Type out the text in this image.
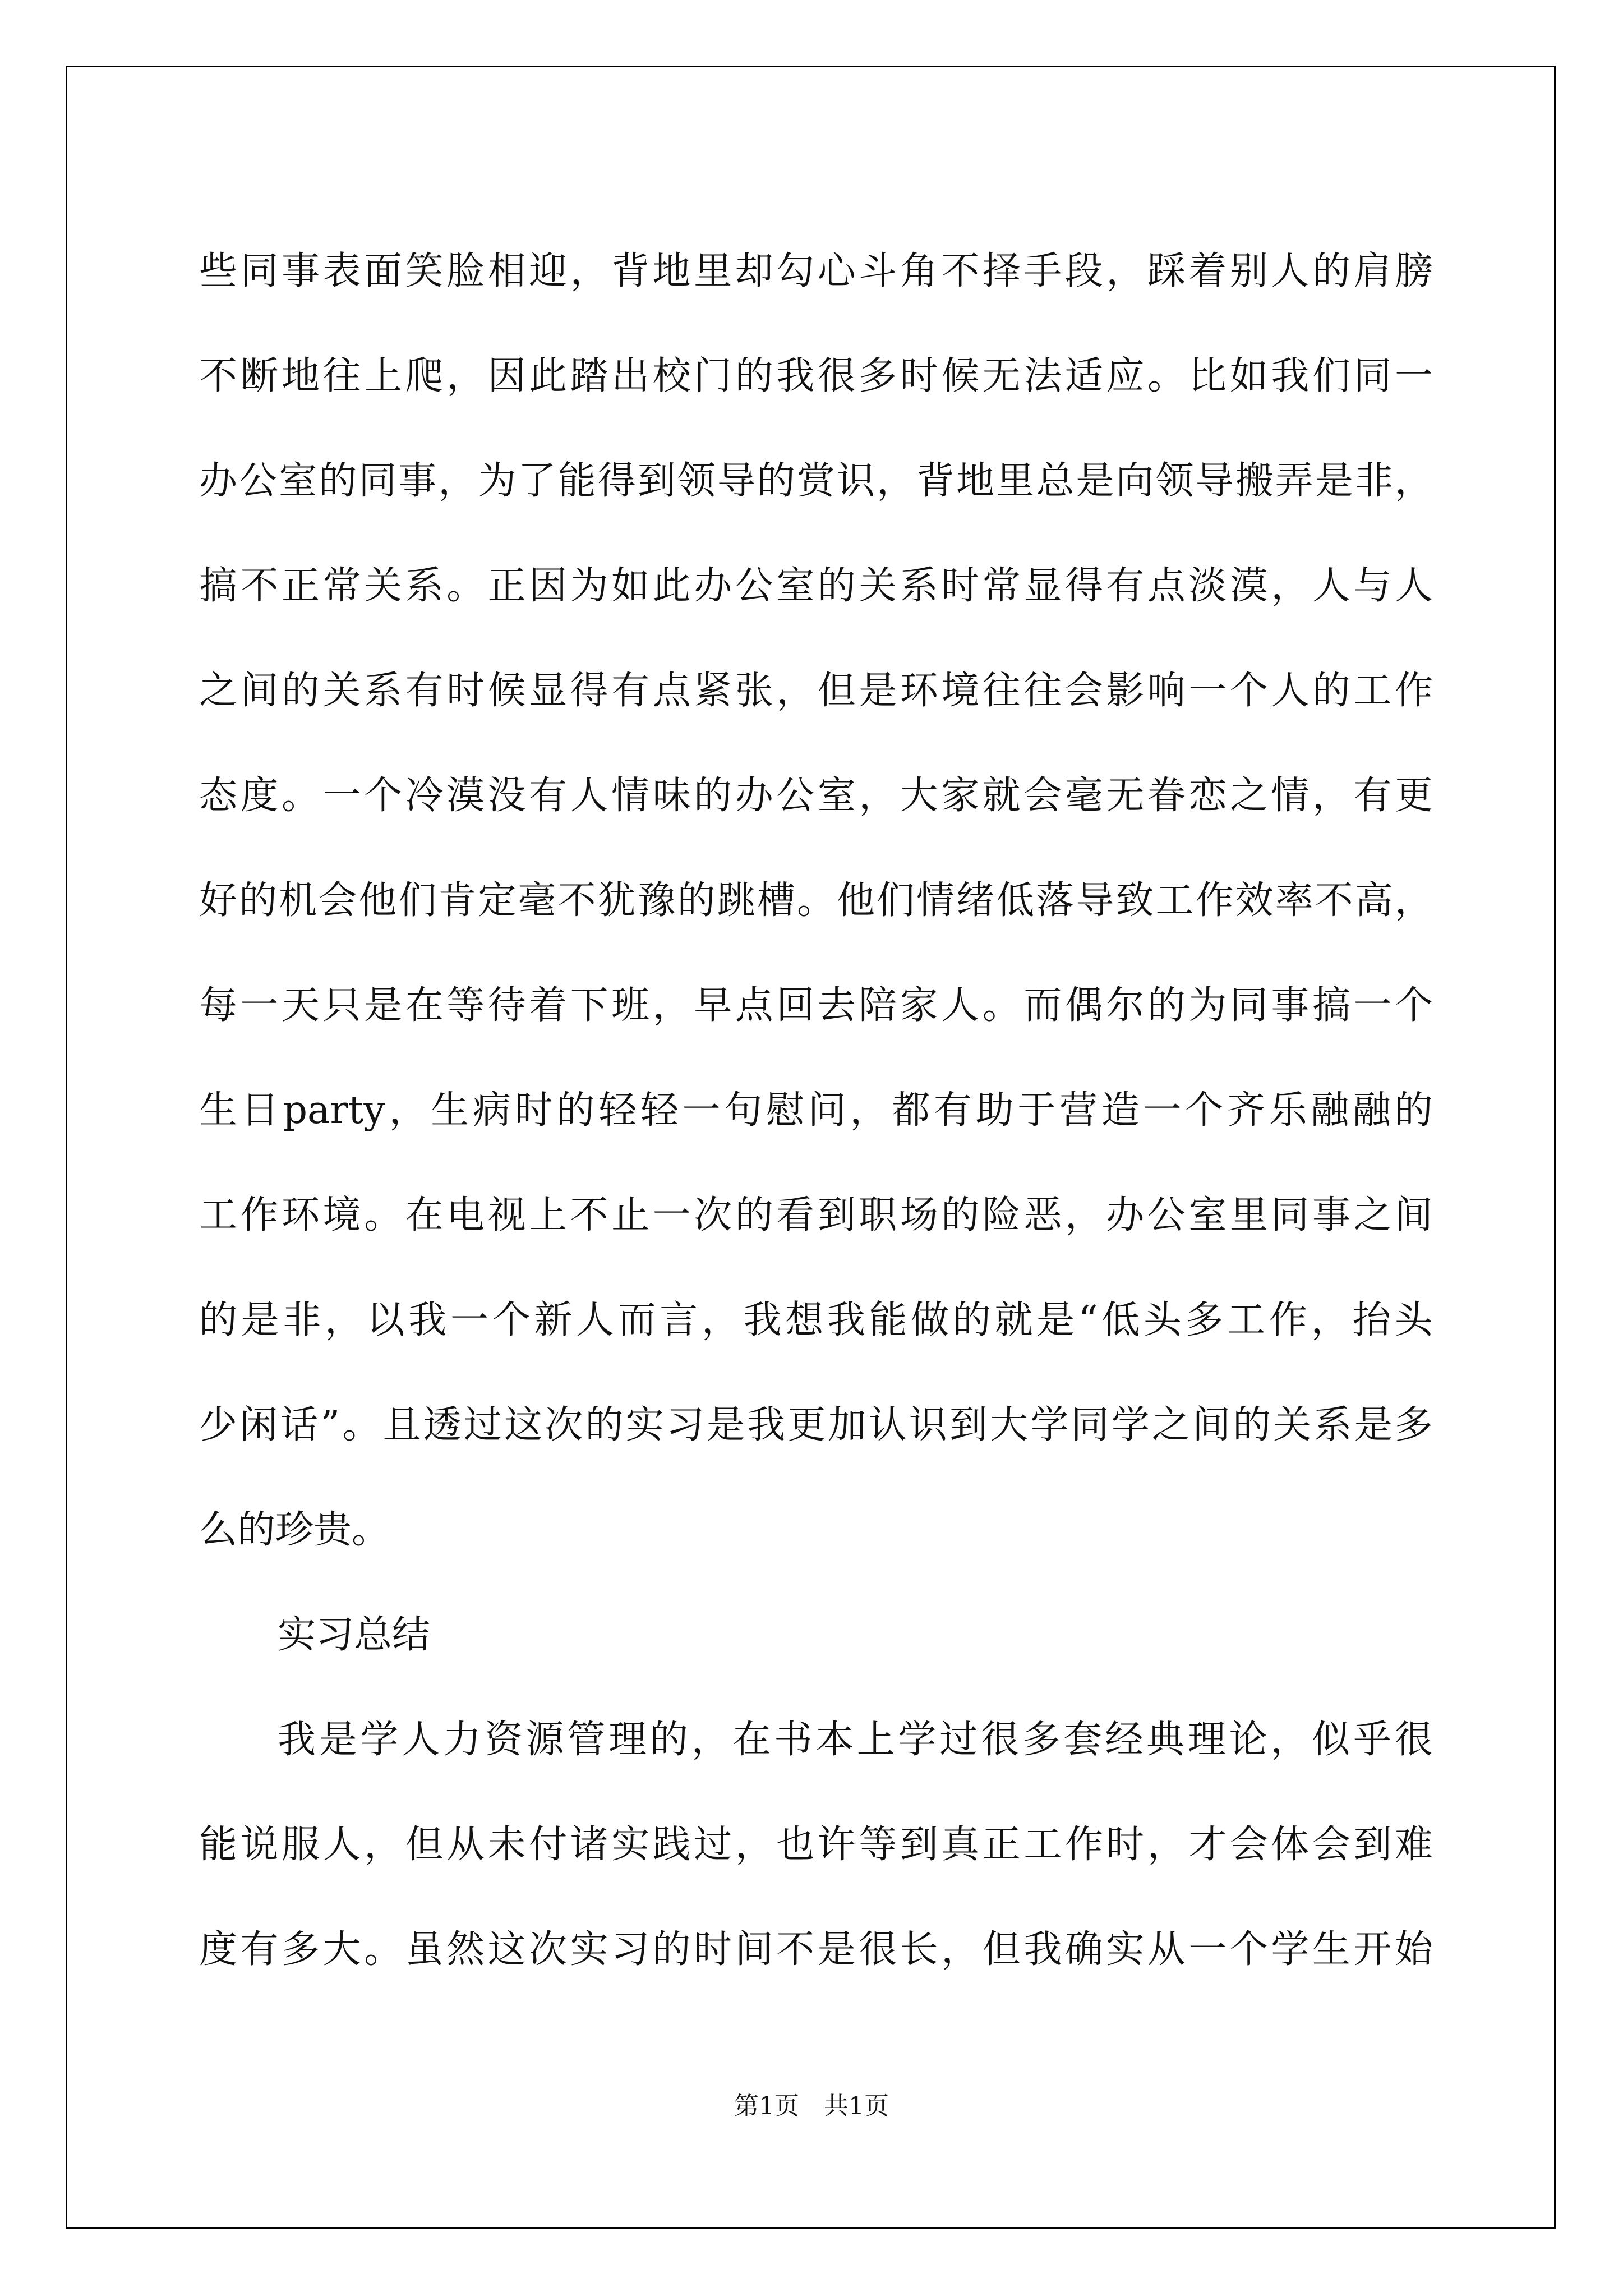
些 同 事 表 面 笑 脸 相 迎 ， 背 地 里 却 勾 心 斗 角 不 择 手 段 ， 踩 着 别 人 的 肩 膀
不 断 地 往 上 爬 ， 因 此 踏 出 校 门 的 我 很 多 时 候 无 法 适 应 。 比 如 我 们 同 一
办 公 室 的 同 事 ， 为 了 能 得 到 领 导 的 赏 识 ， 背 地 里 总 是 向 领 导 搬 弄 是 非 ，
搞 不 正 常 关 系 。 正 因 为 如 此 办 公 室 的 关 系 时 常 显 得 有 点 淡 漠 ， 人 与 人
之 间 的 关 系 有 时 候 显 得 有 点 紧 张 ， 但 是 环 境 往 往 会 影 响 一 个 人 的 工 作
态 度 。 一 个 冷 漠 没 有 人 情 味 的 办 公 室 ， 大 家 就 会 毫 无 眷 恋 之 情 ， 有 更
好 的 机 会 他 们 肯 定 毫 不 犹 豫 的 跳 槽 。 他 们 情 绪 低 落 导 致 工 作 效 率 不 高 ，
每 一 天 只 是 在 等 待 着 下 班 ， 早 点 回 去 陪 家 人 。 而 偶 尔 的 为 同 事 搞 一 个
生 日 party ， 生 病 时 的 轻 轻 一 句 慰 问 ， 都 有 助 于 营 造 一 个 齐 乐 融 融 的
工 作 环 境 。 在 电 视 上 不 止 一 次 的 看 到 职 场 的 险 恶 ， 办 公 室 里 同 事 之 间
的 是 非 ， 以 我 一 个 新 人 而 言 ， 我 想 我 能 做 的 就 是 “ 低 头 多 工 作 ， 抬 头
少 闲 话 ” 。 且 透 过 这 次 的 实 习 是 我 更 加 认 识 到 大 学 同 学 之 间 的 关 系 是 多
么的珍贵。
实习总结
我 是 学 人 力 资 源 管 理 的 ， 在 书 本 上 学 过 很 多 套 经 典 理 论 ， 似 乎 很
能 说 服 人 ， 但 从 未 付 诸 实 践 过 ， 也 许 等 到 真 正 工 作 时 ， 才 会 体 会 到 难
度 有 多 大 。 虽 然 这 次 实 习 的 时 间 不 是 很 长 ， 但 我 确 实 从 一 个 学 生 开 始
第1页　共1页
